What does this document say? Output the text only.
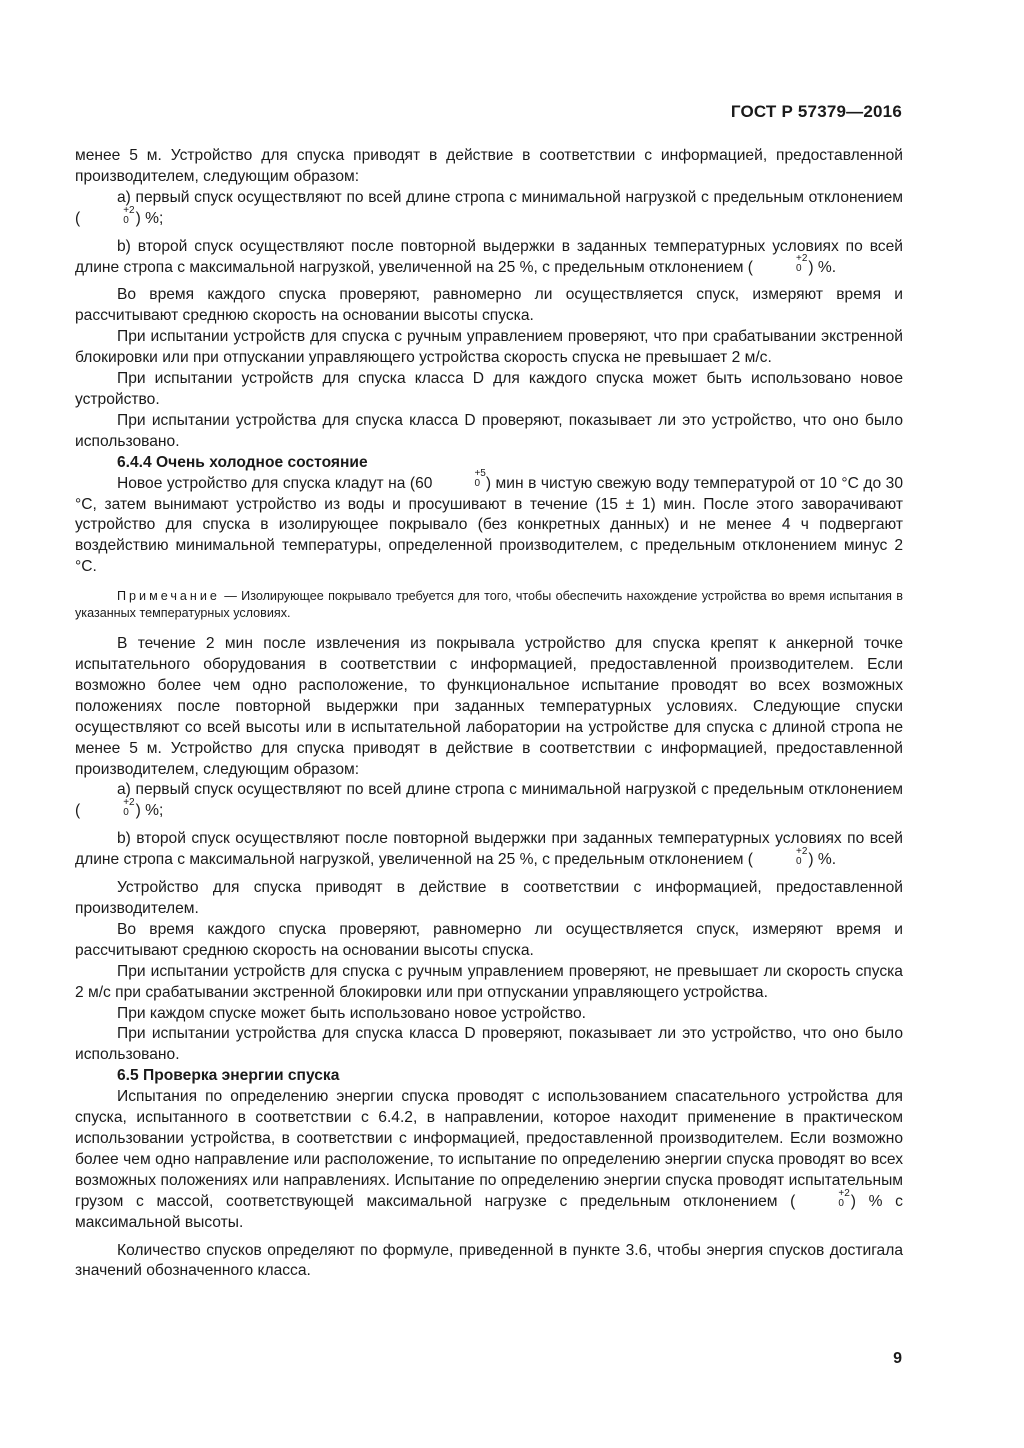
ГОСТ Р 57379—2016

менее 5 м. Устройство для спуска приводят в действие в соответствии с информацией, предоставленной производителем, следующим образом:

а) первый спуск осуществляют по всей длине стропа с минимальной нагрузкой с предельным отклонением (	+2
0 ) %;

b) второй спуск осуществляют после повторной выдержки в заданных температурных условиях по всей длине стропа с максимальной нагрузкой, увеличенной на 25 %, с предельным отклонением (	+2
0 ) %.

Во время каждого спуска проверяют, равномерно ли осуществляется спуск, измеряют время и рассчитывают среднюю скорость на основании высоты спуска.

При испытании устройств для спуска с ручным управлением проверяют, что при срабатывании экстренной блокировки или при отпускании управляющего устройства скорость спуска не превышает 2 м/с.

При испытании устройств для спуска класса D для каждого спуска может быть использовано новое устройство.

При испытании устройства для спуска класса D проверяют, показывает ли это устройство, что оно было использовано.

6.4.4 Очень холодное состояние

Новое устройство для спуска кладут на (60
+5
0 ) мин в чистую свежую воду температурой от 10 °C до 30 °C, затем вынимают устройство из воды и просушивают в течение (15 ± 1) мин. После этого заворачивают устройство для спуска в изолирующее покрывало (без конкретных данных) и не менее 4 ч подвергают воздействию минимальной температуры, определенной производителем, с предельным отклонением минус 2 °C.

Примечание — Изолирующее покрывало требуется для того, чтобы обеспечить нахождение устройства во время испытания в указанных температурных условиях.

В течение 2 мин после извлечения из покрывала устройство для спуска крепят к анкерной точке испытательного оборудования в соответствии с информацией, предоставленной производителем. Если возможно более чем одно расположение, то функциональное испытание проводят во всех возможных положениях после повторной выдержки при заданных температурных условиях. Следующие спуски осуществляют со всей высоты или в испытательной лаборатории на устройстве для спуска с длиной стропа не менее 5 м. Устройство для спуска приводят в действие в соответствии с информацией, предоставленной производителем, следующим образом:

а) первый спуск осуществляют по всей длине стропа с минимальной нагрузкой с предельным отклонением (	+2
0 ) %;

b) второй спуск осуществляют после повторной выдержки при заданных температурных условиях по всей длине стропа с максимальной нагрузкой, увеличенной на 25 %, с предельным отклонением (	+2
0 ) %.

Устройство для спуска приводят в действие в соответствии с информацией, предоставленной производителем.

Во время каждого спуска проверяют, равномерно ли осуществляется спуск, измеряют время и рассчитывают среднюю скорость на основании высоты спуска.

При испытании устройств для спуска с ручным управлением проверяют, не превышает ли скорость спуска 2 м/с при срабатывании экстренной блокировки или при отпускании управляющего устройства.

При каждом спуске может быть использовано новое устройство.

При испытании устройства для спуска класса D проверяют, показывает ли это устройство, что оно было использовано.

6.5 Проверка энергии спуска

Испытания по определению энергии спуска проводят с использованием спасательного устройства для спуска, испытанного в соответствии с 6.4.2, в направлении, которое находит применение в практическом использовании устройства, в соответствии с информацией, предоставленной производителем. Если возможно более чем одно направление или расположение, то испытание по определению энергии спуска проводят во всех возможных положениях или направлениях. Испытание по определению энергии спуска проводят испытательным грузом с массой, соответствующей максимальной нагрузке с предельным отклонением (	+2
0 ) % с максимальной высоты.

Количество спусков определяют по формуле, приведенной в пункте 3.6, чтобы энергия спусков достигала значений обозначенного класса.

9
